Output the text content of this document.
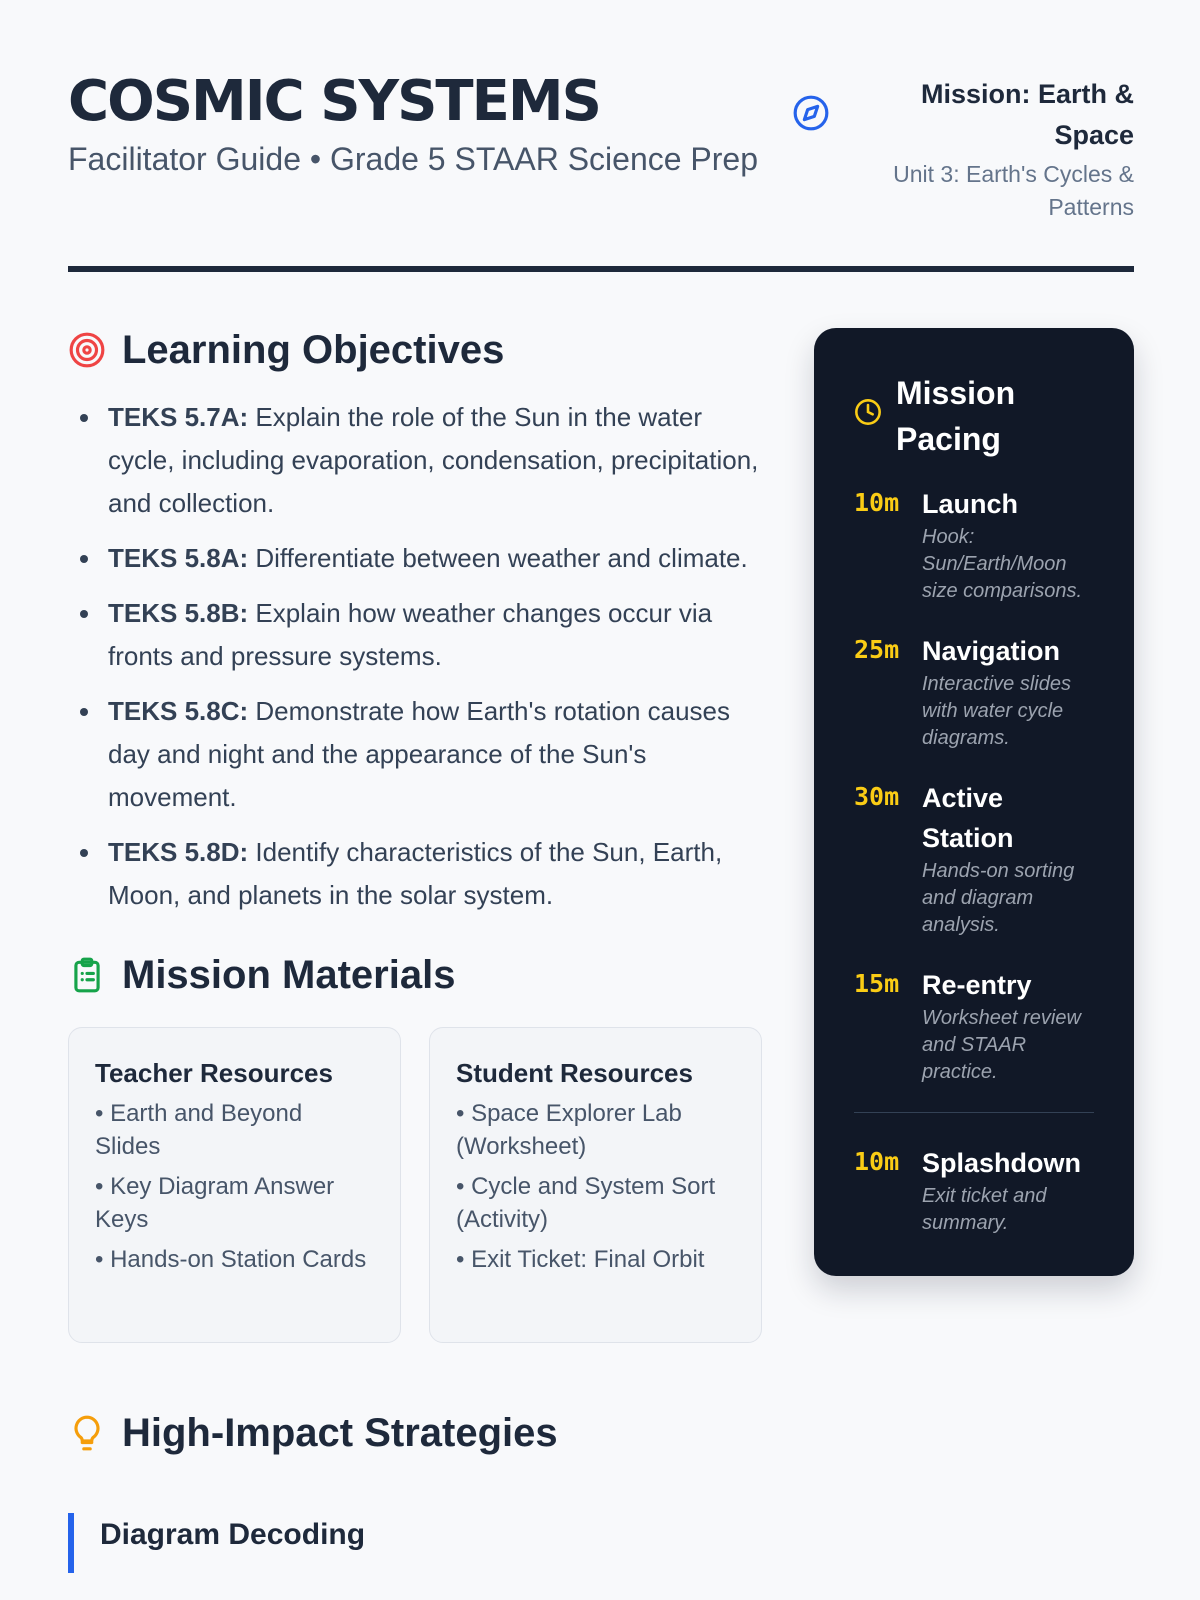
COSMIC SYSTEMS
Facilitator Guide • Grade 5 STAAR Science Prep
Mission: Earth & Space
Unit 3: Earth's Cycles & Patterns
Learning Objectives
TEKS 5.7A: Explain the role of the Sun in the water cycle, including evaporation, condensation, precipitation, and collection.
TEKS 5.8A: Differentiate between weather and climate.
TEKS 5.8B: Explain how weather changes occur via fronts and pressure systems.
TEKS 5.8C: Demonstrate how Earth's rotation causes day and night and the appearance of the Sun's movement.
TEKS 5.8D: Identify characteristics of the Sun, Earth, Moon, and planets in the solar system.
Mission Materials
Teacher Resources

• Earth and Beyond Slides

• Key Diagram Answer Keys

• Hands-on Station Cards

Student Resources

• Space Explorer Lab (Worksheet)

• Cycle and System Sort (Activity)

• Exit Ticket: Final Orbit

High-Impact Strategies
Diagram Decoding
Mission Pacing
10m Launch
Hook: Sun/Earth/Moon size comparisons.
25m Navigation
Interactive slides with water cycle diagrams.
30m Active Station
Hands-on sorting and diagram analysis.
15m Re-entry
Worksheet review and STAAR practice.
10m Splashdown
Exit ticket and summary.
